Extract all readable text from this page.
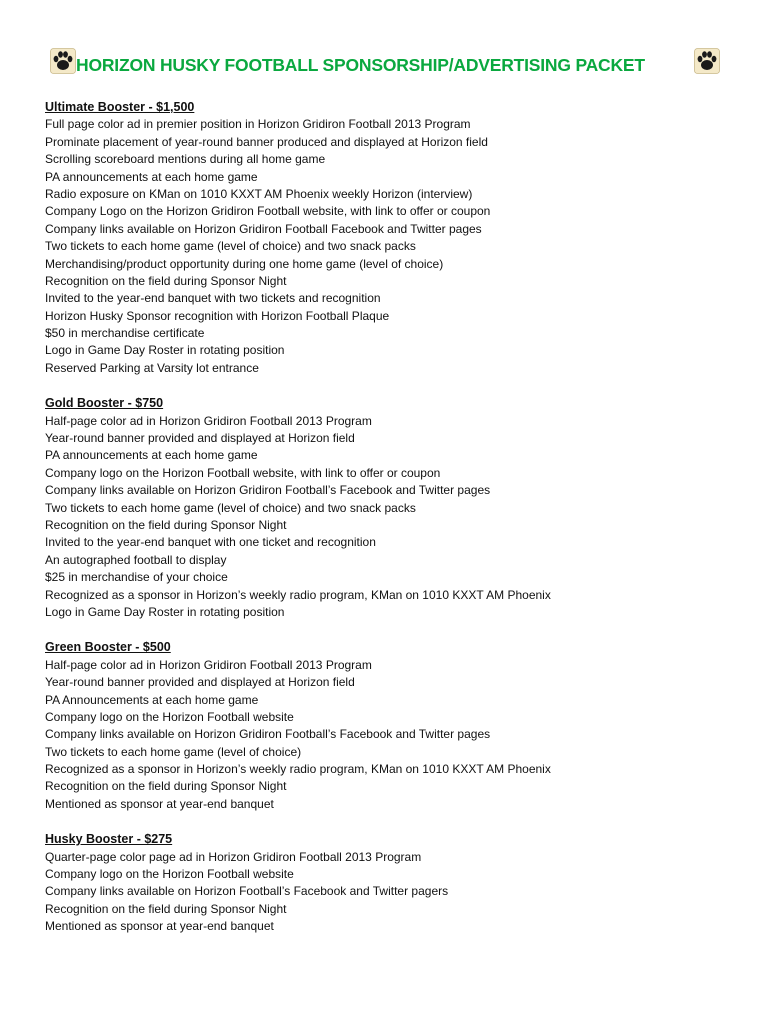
HORIZON HUSKY FOOTBALL SPONSORSHIP/ADVERTISING PACKET
Ultimate Booster - $1,500
Full page color ad in premier position in Horizon Gridiron Football 2013 Program
Prominate placement of year-round banner produced and displayed at Horizon field
Scrolling scoreboard mentions during all home game
PA announcements at each home game
Radio exposure on KMan on 1010 KXXT AM Phoenix weekly Horizon (interview)
Company Logo on the Horizon Gridiron Football website, with link to offer or coupon
Company links available on Horizon Gridiron Football Facebook and Twitter pages
Two tickets to each home game (level of choice) and two snack packs
Merchandising/product opportunity during one home game (level of choice)
Recognition on the field during Sponsor Night
Invited to the year-end banquet with two tickets and recognition
Horizon Husky Sponsor recognition with Horizon Football Plaque
$50 in merchandise certificate
Logo in Game Day Roster in rotating position
Reserved Parking at Varsity lot entrance
Gold Booster - $750
Half-page color ad in Horizon Gridiron Football 2013 Program
Year-round banner provided and displayed at Horizon field
PA announcements at each home game
Company logo on the Horizon Football website, with link to offer or coupon
Company links available on Horizon Gridiron Football’s Facebook and Twitter pages
Two tickets to each home game (level of choice) and two snack packs
Recognition on the field during Sponsor Night
Invited to the year-end banquet with one ticket and recognition
An autographed football to display
$25 in merchandise of your choice
Recognized as a sponsor in Horizon’s weekly radio program, KMan on 1010 KXXT AM Phoenix
Logo in Game Day Roster in rotating position
Green Booster - $500
Half-page color ad in Horizon Gridiron Football 2013 Program
Year-round banner provided and displayed at Horizon field
PA Announcements at each home game
Company logo on the Horizon Football website
Company links available on Horizon Gridiron Football’s Facebook and Twitter pages
Two tickets to each home game (level of choice)
Recognized as a sponsor in Horizon’s weekly radio program, KMan on 1010 KXXT AM Phoenix
Recognition on the field during Sponsor Night
Mentioned as sponsor at year-end banquet
Husky Booster - $275
Quarter-page color page ad in Horizon Gridiron Football 2013 Program
Company logo on the Horizon Football website
Company links available on Horizon Football’s Facebook and Twitter pagers
Recognition on the field during Sponsor Night
Mentioned as sponsor at year-end banquet
